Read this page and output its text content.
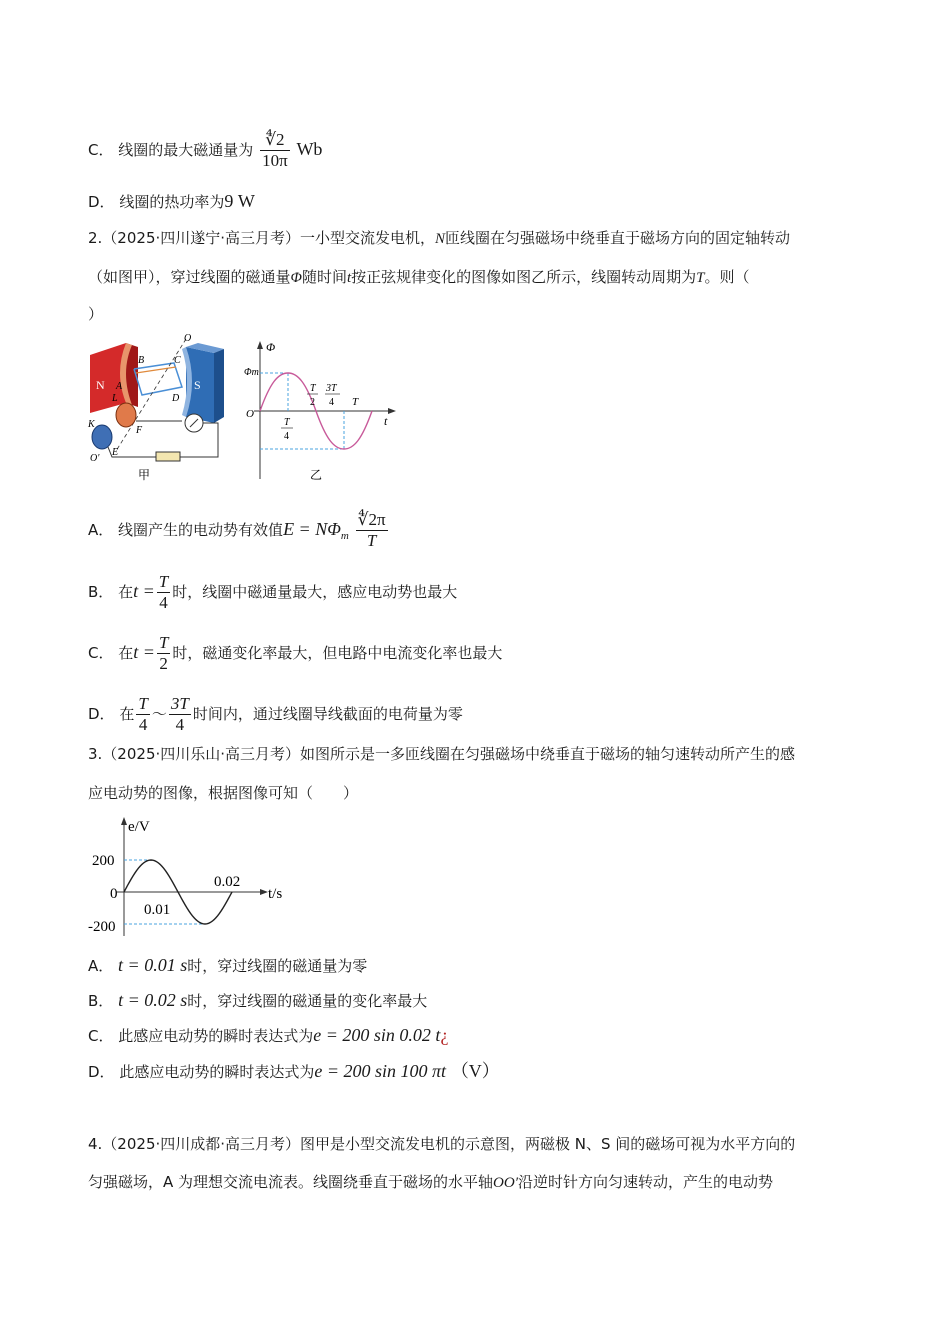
C． 线圈的最大磁通量为 $\frac{∜2}{10\pi}$ Wb
D． 线圈的热功率为9 W
2.（2025·四川遂宁·高三月考）一小型交流发电机，N匝线圈在匀强磁场中绕垂直于磁场方向的固定轴转动
（如图甲），穿过线圈的磁通量Φ随时间t按正弦规律变化的图像如图乙所示，线圈转动周期为T。则（
）
N	S
O
B	C
A
D
L
K
F
O'
E
甲
Φ
Φm
O	t
T
2
3T
4 T
T
4
乙
A． 线圈产生的电动势有效值$E = N\Phi_m \frac{∜2\pi}{T}$
B． 在$t = \frac{T}{4}$ 时，线圈中磁通量最大，感应电动势也最大
C． 在$t = \frac{T}{2}$ 时，磁通变化率最大，但电路中电流变化率也最大
D． 在 $\frac{T}{4}$ ～ $\frac{3T}{4}$ 时间内，通过线圈导线截面的电荷量为零
3.（2025·四川乐山·高三月考）如图所示是一多匝线圈在匀强磁场中绕垂直于磁场的轴匀速转动所产生的感
应电动势的图像，根据图像可知（　　）
e/V
t/s
200
0
-200
0.01
0.02
A． t = 0.01 s时，穿过线圈的磁通量为零
B． t = 0.02 s时，穿过线圈的磁通量的变化率最大
C． 此感应电动势的瞬时表达式为e = 200 sin 0.02 t¿
D． 此感应电动势的瞬时表达式为e = 200 sin 100 πt （V）
4.（2025·四川成都·高三月考）图甲是小型交流发电机的示意图，两磁极 N、S 间的磁场可视为水平方向的
匀强磁场，A 为理想交流电流表。线圈绕垂直于磁场的水平轴OO′沿逆时针方向匀速转动，产生的电动势
